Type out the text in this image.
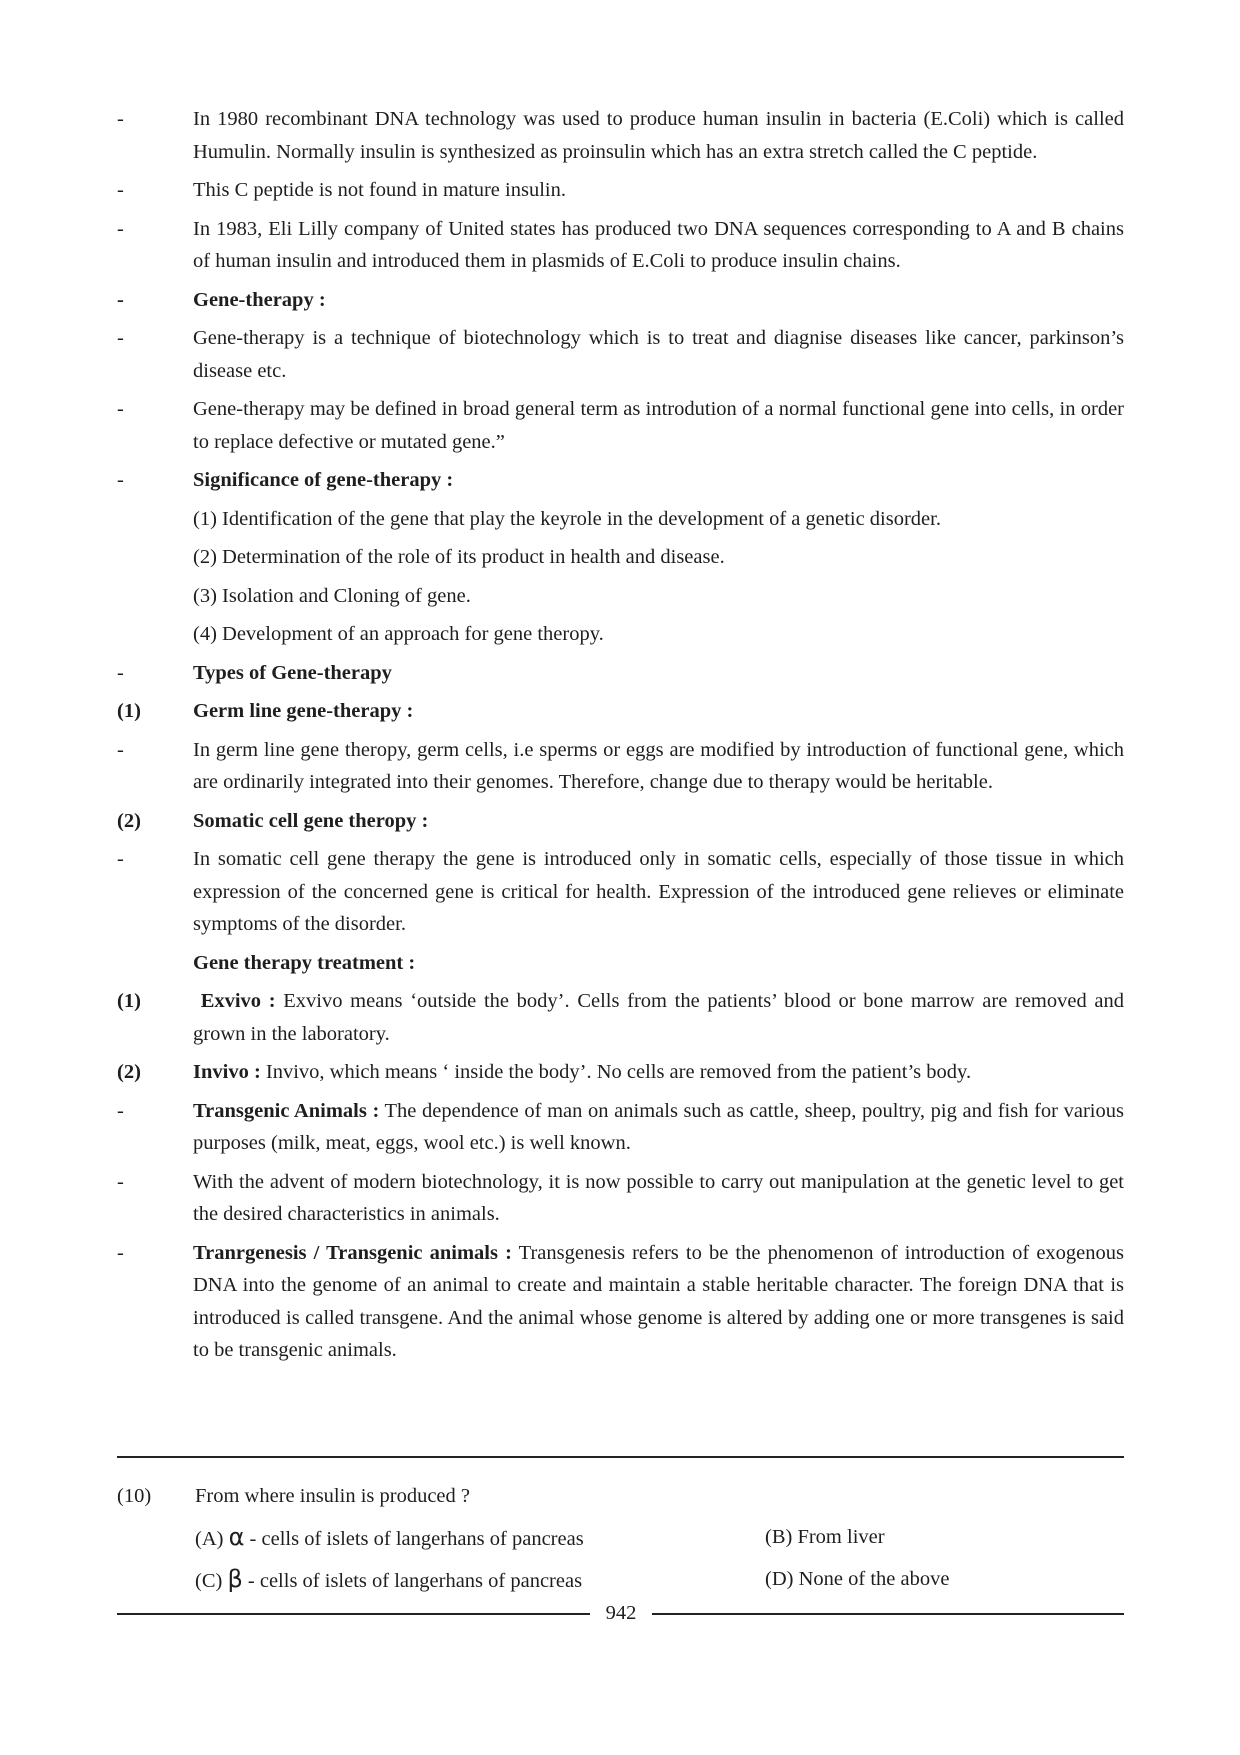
-	In 1980 recombinant DNA technology was used to produce human insulin in bacteria (E.Coli) which is called Humulin. Normally insulin is synthesized as proinsulin which has an extra stretch called the C peptide.
-	This C peptide is not found in mature insulin.
-	In 1983, Eli Lilly company of United states has produced two DNA sequences corresponding to A and B chains of human insulin and introduced them in plasmids of E.Coli to produce insulin chains.
-	Gene-therapy :
-	Gene-therapy is a technique of biotechnology which is to treat and diagnise diseases like cancer, parkinson’s disease etc.
-	Gene-therapy may be defined in broad general term as introdution of a normal functional gene into cells, in order to replace defective or mutated gene.”
-	Significance of gene-therapy :
(1) Identification of the gene that play the keyrole in the development of a genetic disorder.
(2) Determination of the role of its product in health and disease.
(3) Isolation and Cloning of gene.
(4) Development of an approach for gene theropy.
-	Types of Gene-therapy
(1)	Germ line gene-therapy :
-	In germ line gene theropy, germ cells, i.e sperms or eggs are modified by introduction of functional gene, which are ordinarily integrated into their genomes. Therefore, change due to therapy would be heritable.
(2)	Somatic cell gene theropy :
-	In somatic cell gene therapy the gene is introduced only in somatic cells, especially of those tissue in which expression of the concerned gene is critical for health. Expression of the introduced gene relieves or eliminate symptoms of the disorder.
Gene therapy treatment :
(1)	Exvivo : Exvivo means ‘outside the body’. Cells from the patients’ blood or bone marrow are removed and grown in the laboratory.
(2)	Invivo : Invivo, which means ‘ inside the body’. No cells are removed from the patient’s body.
-	Transgenic Animals : The dependence of man on animals such as cattle, sheep, poultry, pig and fish for various purposes (milk, meat, eggs, wool etc.) is well known.
-	With the advent of modern biotechnology, it is now possible to carry out manipulation at the genetic level to get the desired characteristics in animals.
-	Tranrgenesis / Transgenic animals : Transgenesis refers to be the phenomenon of introduction of exogenous DNA into the genome of an animal to create and maintain a stable heritable character. The foreign DNA that is introduced is called transgene. And the animal whose genome is altered by adding one or more transgenes is said to be transgenic animals.
(10)	From where insulin is produced ?
(A) α - cells of islets of langerhans of pancreas	(B) From liver
(C) β - cells of islets of langerhans of pancreas	(D) None of the above
942
